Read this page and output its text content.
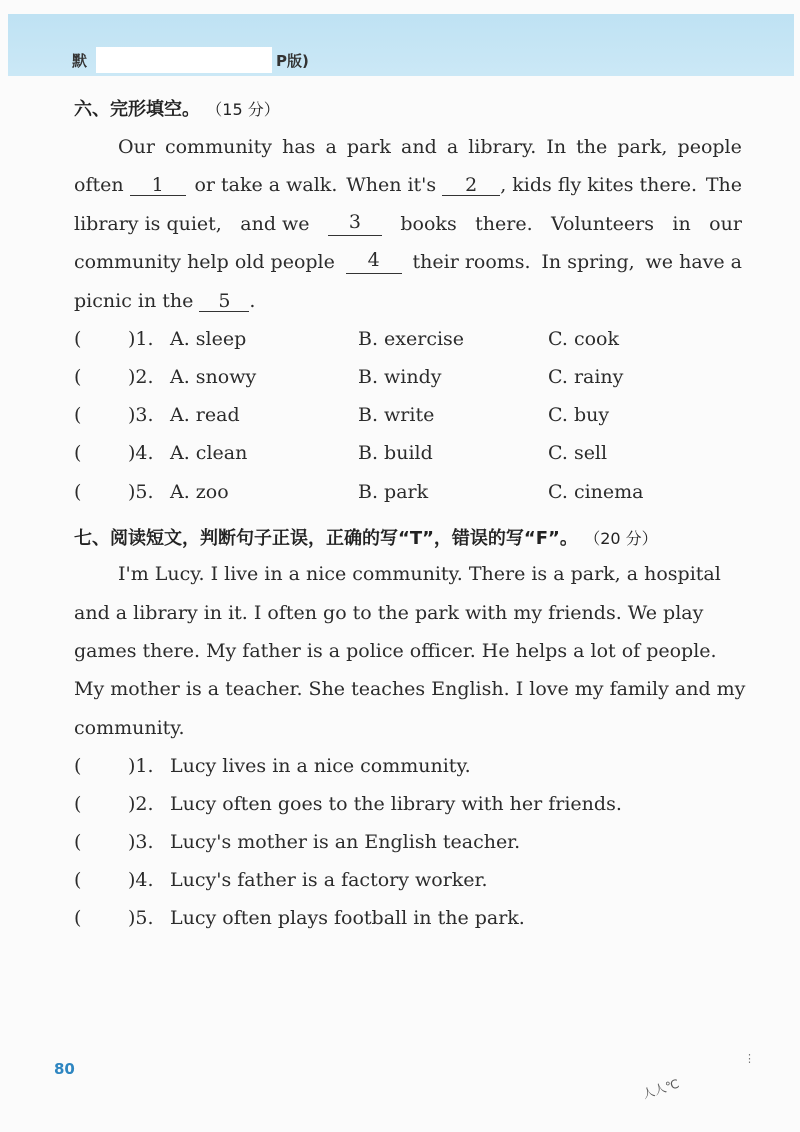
默	P版)
六、完形填空。 （15 分）
Our community has a park and a library. In the park, people
often 1	or take a walk. When it's 2 , kids fly kites there. The
library is quiet, and we	3	books there. Volunteers in our
community help old people	4	their rooms. In spring, we have a
picnic in the 5 .
( )1. A. sleep	B. exercise	C. cook
( )2. A. snowy	B. windy	C. rainy
( )3. A. read	B. write	C. buy
( )4. A. clean	B. build	C. sell
( )5. A. zoo	B. park	C. cinema
七、阅读短文，判断句子正误，正确的写“T”，错误的写“F”。 （20 分）
I'm Lucy. I live in a nice community. There is a park, a hospital
and a library in it. I often go to the park with my friends. We play
games there. My father is a police officer. He helps a lot of people.
My mother is a teacher. She teaches English. I love my family and my
community.
( )1. Lucy lives in a nice community.
( )2. Lucy often goes to the library with her friends.
( )3. Lucy's mother is an English teacher.
( )4. Lucy's father is a factory worker.
( )5. Lucy often plays football in the park.
80
⋮
人人℃
